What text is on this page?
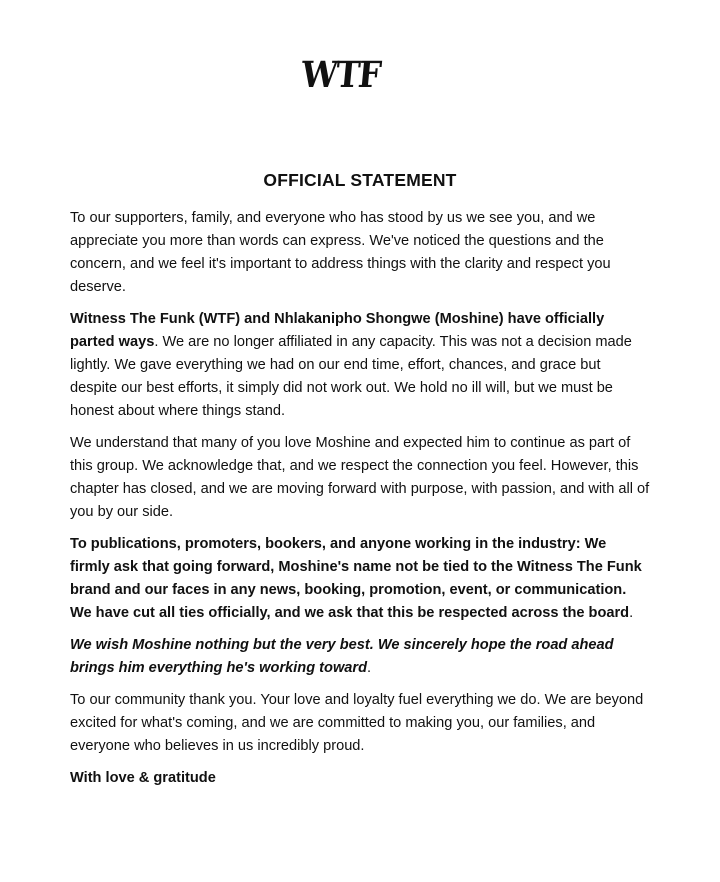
WTF
OFFICIAL STATEMENT

To our supporters, family, and everyone who has stood by us we see you, and we appreciate you more than words can express. We've noticed the questions and the concern, and we feel it's important to address things with the clarity and respect you deserve.

Witness The Funk (WTF) and Nhlakanipho Shongwe (Moshine) have officially parted ways. We are no longer affiliated in any capacity. This was not a decision made lightly. We gave everything we had on our end time, effort, chances, and grace but despite our best efforts, it simply did not work out. We hold no ill will, but we must be honest about where things stand.

We understand that many of you love Moshine and expected him to continue as part of this group. We acknowledge that, and we respect the connection you feel. However, this chapter has closed, and we are moving forward with purpose, with passion, and with all of you by our side.

To publications, promoters, bookers, and anyone working in the industry: We firmly ask that going forward, Moshine's name not be tied to the Witness The Funk brand and our faces in any news, booking, promotion, event, or communication. We have cut all ties officially, and we ask that this be respected across the board.

We wish Moshine nothing but the very best. We sincerely hope the road ahead brings him everything he's working toward.

To our community thank you. Your love and loyalty fuel everything we do. We are beyond excited for what's coming, and we are committed to making you, our families, and everyone who believes in us incredibly proud.

With love & gratitude
